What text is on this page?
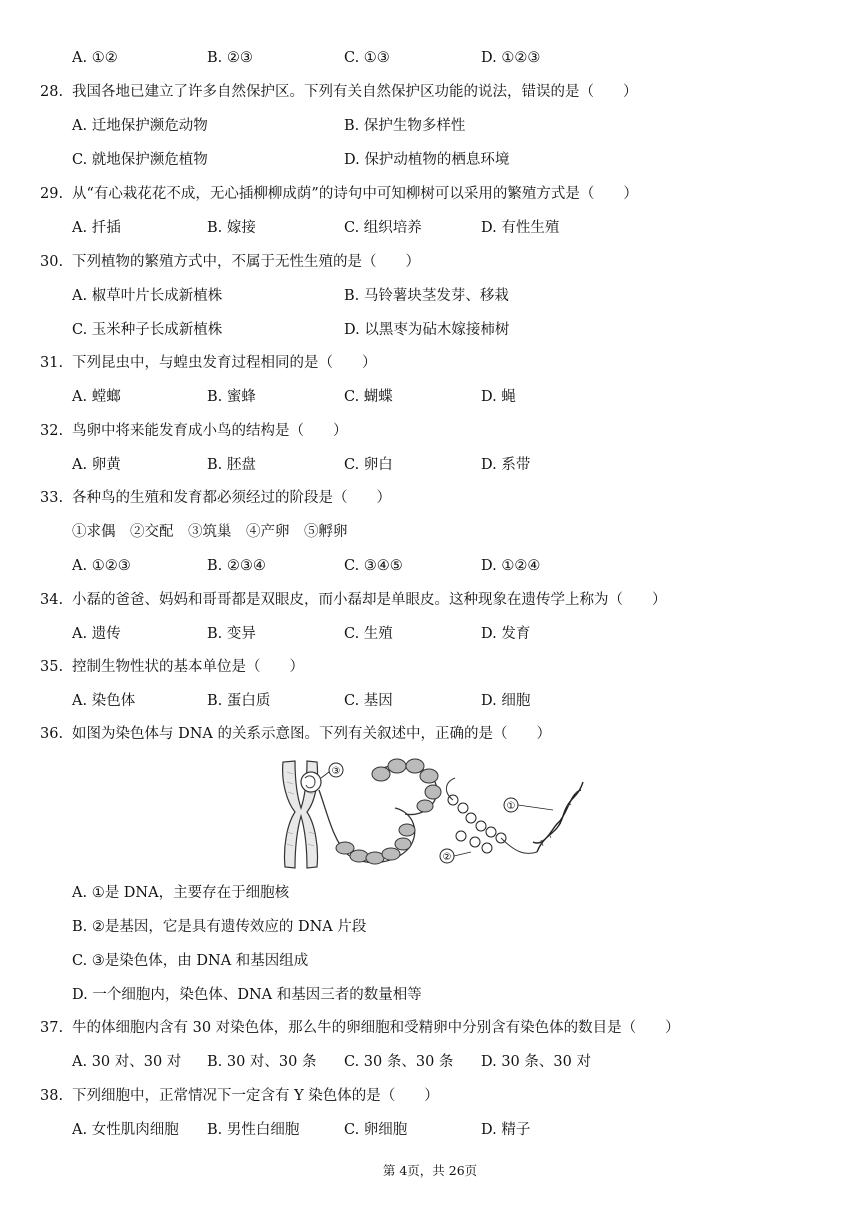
A. ①②	B. ②③	C. ①③	D. ①②③
28. 我国各地已建立了许多自然保护区。下列有关自然保护区功能的说法，错误的是（　　）
A. 迁地保护濒危动物	B. 保护生物多样性
C. 就地保护濒危植物	D. 保护动植物的栖息环境
29. 从“有心栽花花不成，无心插柳柳成荫”的诗句中可知柳树可以采用的繁殖方式是（　　）
A. 扦插	B. 嫁接	C. 组织培养	D. 有性生殖
30. 下列植物的繁殖方式中，不属于无性生殖的是（　　）
A. 椒草叶片长成新植株	B. 马铃薯块茎发芽、移栽
C. 玉米种子长成新植株	D. 以黑枣为砧木嫁接柿树
31. 下列昆虫中，与蝗虫发育过程相同的是（　　）
A. 螳螂	B. 蜜蜂	C. 蝴蝶	D. 蝇
32. 鸟卵中将来能发育成小鸟的结构是（　　）
A. 卵黄	B. 胚盘	C. 卵白	D. 系带
33. 各种鸟的生殖和发育都必须经过的阶段是（　　）
①求偶　②交配　③筑巢　④产卵　⑤孵卵
A. ①②③	B. ②③④	C. ③④⑤	D. ①②④
34. 小磊的爸爸、妈妈和哥哥都是双眼皮，而小磊却是单眼皮。这种现象在遗传学上称为（　　）
A. 遗传	B. 变异	C. 生殖	D. 发育
35. 控制生物性状的基本单位是（　　）
A. 染色体	B. 蛋白质	C. 基因	D. 细胞
36. 如图为染色体与 DNA 的关系示意图。下列有关叙述中，正确的是（　　）
③
①
②
A. ①是 DNA，主要存在于细胞核
B. ②是基因，它是具有遗传效应的 DNA 片段
C. ③是染色体，由 DNA 和基因组成
D. 一个细胞内，染色体、DNA 和基因三者的数量相等
37. 牛的体细胞内含有 30 对染色体，那么牛的卵细胞和受精卵中分别含有染色体的数目是（　　）
A. 30 对、30 对 B. 30 对、30 条 C. 30 条、30 条 D. 30 条、30 对
38. 下列细胞中，正常情况下一定含有 Y 染色体的是（　　）
A. 女性肌肉细胞 B. 男性白细胞	C. 卵细胞	D. 精子
第 4页，共 26页
